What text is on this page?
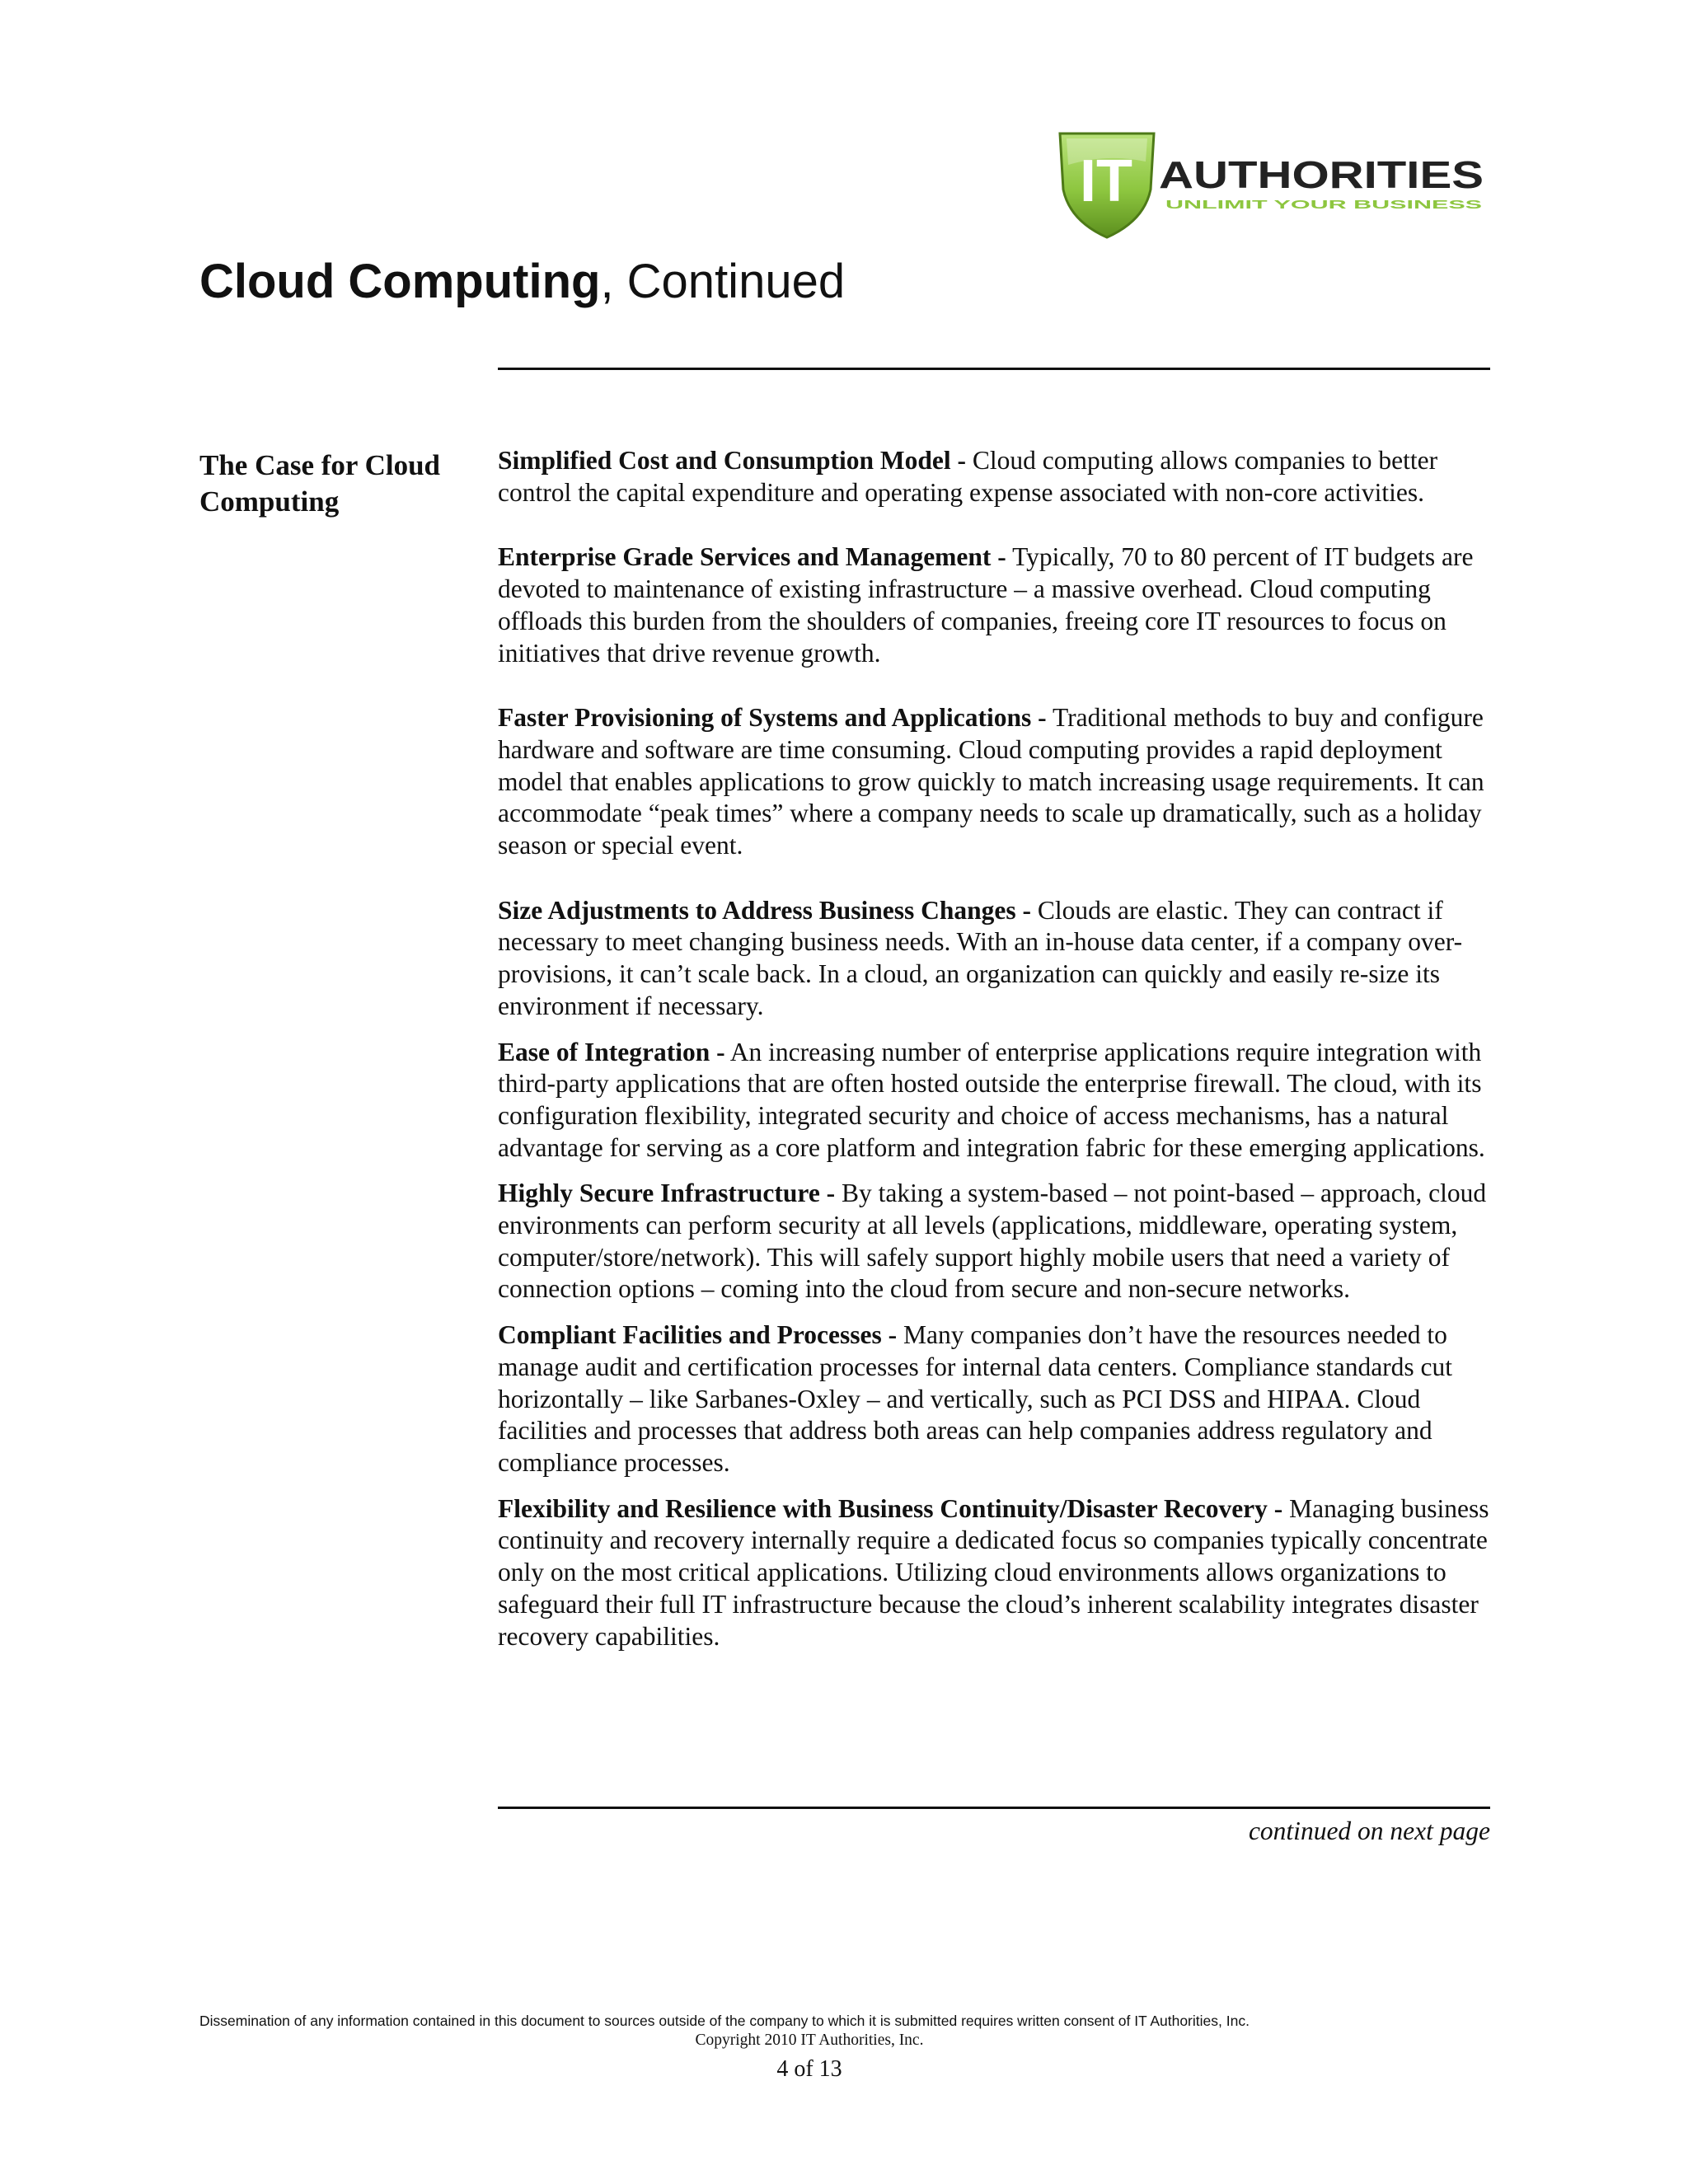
IT AUTHORITIES
UNLIMIT YOUR BUSINESS
Cloud Computing, Continued
The Case for Cloud Computing

Simplified Cost and Consumption Model - Cloud computing allows companies to better control the capital expenditure and operating expense associated with non-core activities.

Enterprise Grade Services and Management - Typically, 70 to 80 percent of IT budgets are devoted to maintenance of existing infrastructure – a massive overhead. Cloud computing offloads this burden from the shoulders of companies, freeing core IT resources to focus on initiatives that drive revenue growth.

Faster Provisioning of Systems and Applications - Traditional methods to buy and configure hardware and software are time consuming. Cloud computing provides a rapid deployment model that enables applications to grow quickly to match increasing usage requirements. It can accommodate “peak times” where a company needs to scale up dramatically, such as a holiday season or special event.

Size Adjustments to Address Business Changes - Clouds are elastic. They can contract if necessary to meet changing business needs. With an in-house data center, if a company over-provisions, it can’t scale back. In a cloud, an organization can quickly and easily re-size its environment if necessary.

Ease of Integration - An increasing number of enterprise applications require integration with third-party applications that are often hosted outside the enterprise firewall. The cloud, with its configuration flexibility, integrated security and choice of access mechanisms, has a natural advantage for serving as a core platform and integration fabric for these emerging applications.

Highly Secure Infrastructure - By taking a system-based – not point-based – approach, cloud environments can perform security at all levels (applications, middleware, operating system, computer/store/network). This will safely support highly mobile users that need a variety of connection options – coming into the cloud from secure and non-secure networks.

Compliant Facilities and Processes - Many companies don’t have the resources needed to manage audit and certification processes for internal data centers. Compliance standards cut horizontally – like Sarbanes-Oxley – and vertically, such as PCI DSS and HIPAA. Cloud facilities and processes that address both areas can help companies address regulatory and compliance processes.

Flexibility and Resilience with Business Continuity/Disaster Recovery - Managing business continuity and recovery internally require a dedicated focus so companies typically concentrate only on the most critical applications. Utilizing cloud environments allows organizations to safeguard their full IT infrastructure because the cloud’s inherent scalability integrates disaster recovery capabilities.

continued on next page
Dissemination of any information contained in this document to sources outside of the company to which it is submitted requires written consent of IT Authorities, Inc.
Copyright 2010 IT Authorities, Inc.
4 of 13
